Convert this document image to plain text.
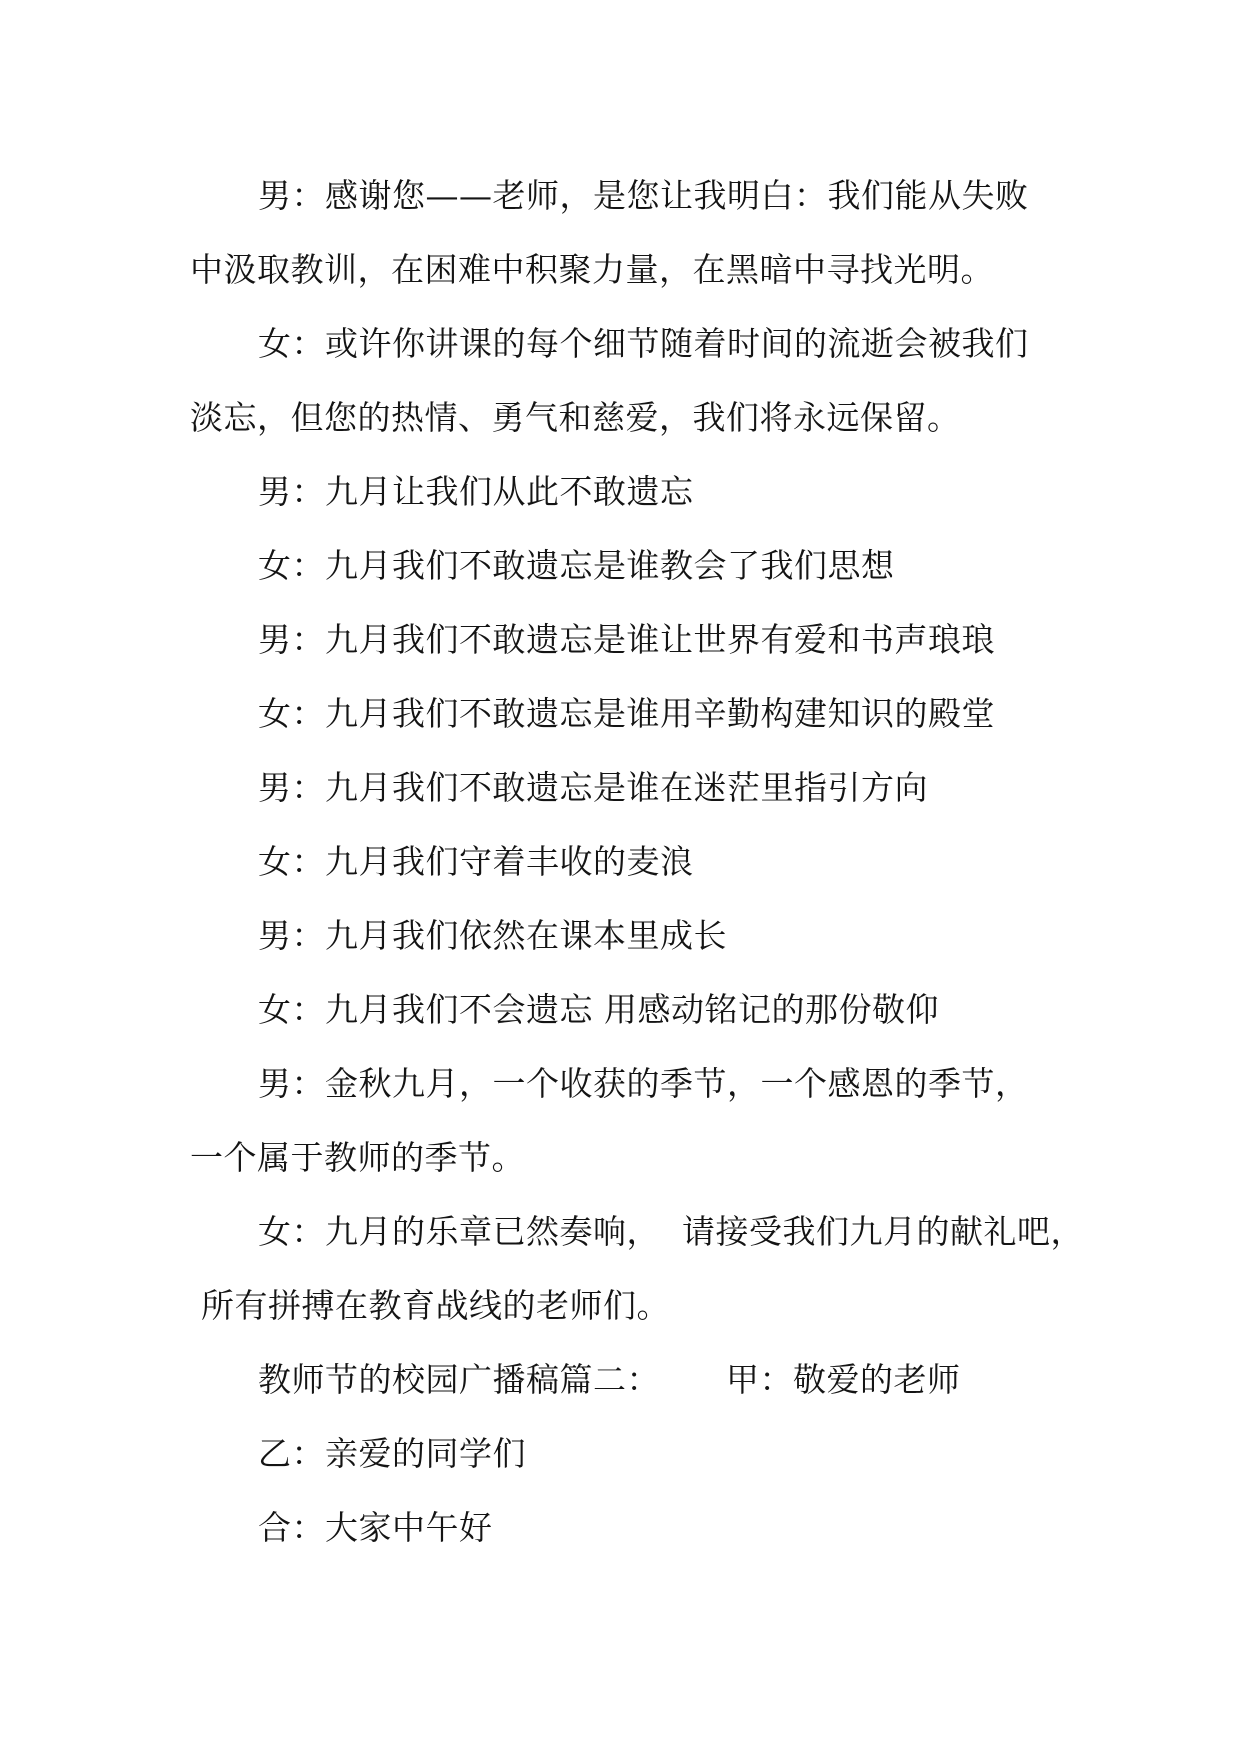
男：感谢您——老师，是您让我明白：我们能从失败
中汲取教训，在困难中积聚力量，在黑暗中寻找光明。
女：或许你讲课的每个细节随着时间的流逝会被我们
淡忘，但您的热情、勇气和慈爱，我们将永远保留。
男：九月让我们从此不敢遗忘
女：九月我们不敢遗忘是谁教会了我们思想
男：九月我们不敢遗忘是谁让世界有爱和书声琅琅
女：九月我们不敢遗忘是谁用辛勤构建知识的殿堂
男：九月我们不敢遗忘是谁在迷茫里指引方向
女：九月我们守着丰收的麦浪
男：九月我们依然在课本里成长
女：九月我们不会遗忘 用感动铭记的那份敬仰
男：金秋九月，一个收获的季节，一个感恩的季节，
一个属于教师的季节。
女：九月的乐章已然奏响，  请接受我们九月的献礼吧，
所有拼搏在教育战线的老师们。
教师节的校园广播稿篇二：      甲：敬爱的老师
乙：亲爱的同学们
合：大家中午好
